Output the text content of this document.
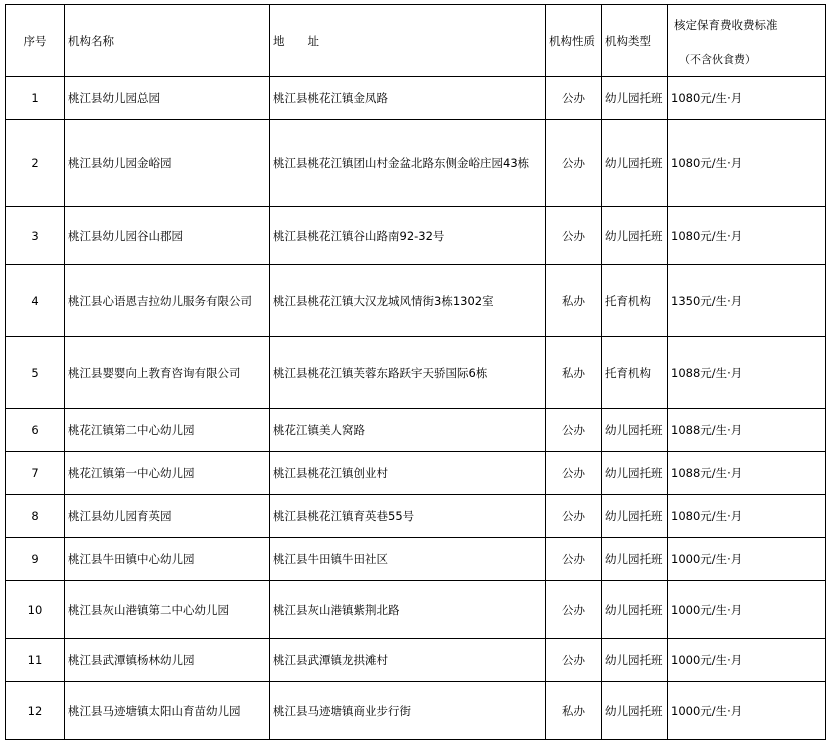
序号	机构名称	地　　址	机构性质	机构类型	核定保育费收费标准
（不含伙食费）

1	桃江县幼儿园总园	桃江县桃花江镇金凤路	公办	幼儿园托班	1080元/生·月
2	桃江县幼儿园金峪园	桃江县桃花江镇团山村金盆北路东侧金峪庄园43栋	公办	幼儿园托班	1080元/生·月
3	桃江县幼儿园谷山郡园	桃江县桃花江镇谷山路南92-32号	公办	幼儿园托班	1080元/生·月
4	桃江县心语恩吉拉幼儿服务有限公司	桃江县桃花江镇大汉龙城风情街3栋1302室	私办	托育机构	1350元/生·月
5	桃江县婴婴向上教育咨询有限公司	桃江县桃花江镇芙蓉东路跃宇天骄国际6栋	私办	托育机构	1088元/生·月
6	桃花江镇第二中心幼儿园	桃花江镇美人窝路	公办	幼儿园托班	1088元/生·月
7	桃花江镇第一中心幼儿园	桃江县桃花江镇创业村	公办	幼儿园托班	1088元/生·月
8	桃江县幼儿园育英园	桃江县桃花江镇育英巷55号	公办	幼儿园托班	1080元/生·月
9	桃江县牛田镇中心幼儿园	桃江县牛田镇牛田社区	公办	幼儿园托班	1000元/生·月
10	桃江县灰山港镇第二中心幼儿园	桃江县灰山港镇紫荆北路	公办	幼儿园托班	1000元/生·月
11	桃江县武潭镇杨林幼儿园	桃江县武潭镇龙拱滩村	公办	幼儿园托班	1000元/生·月
12	桃江县马迹塘镇太阳山育苗幼儿园	桃江县马迹塘镇商业步行街	私办	幼儿园托班	1000元/生·月
